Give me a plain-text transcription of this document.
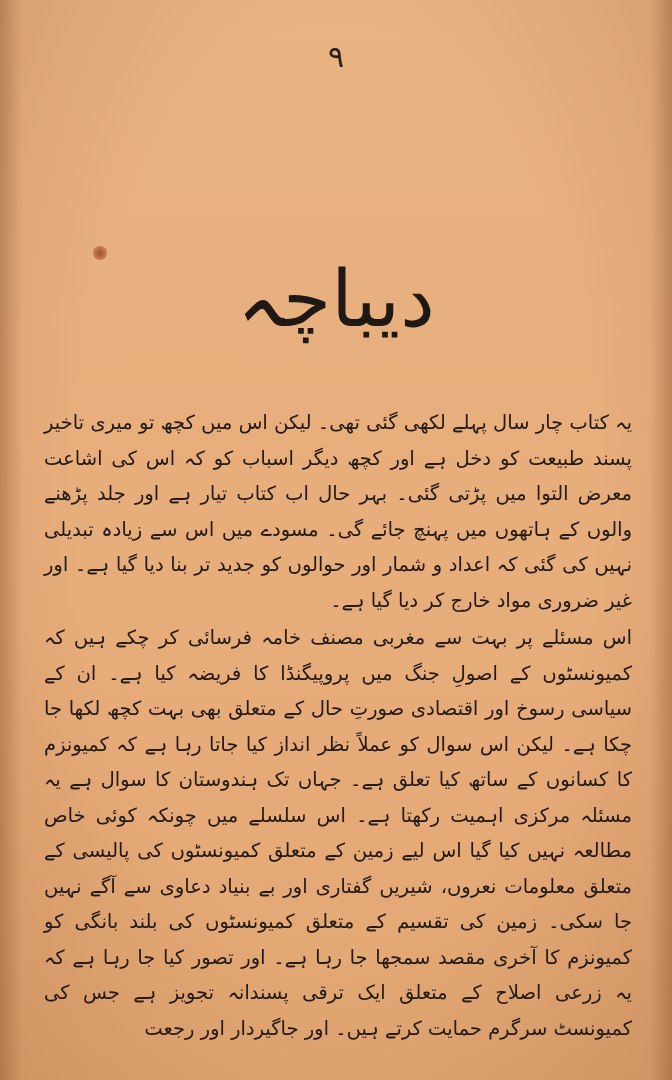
۹
دیباچہ

یہ کتاب چار سال پہلے لکھی گئی تھی۔ لیکن اس میں کچھ تو میری تاخیر پسند طبیعت کو دخل ہے اور کچھ دیگر اسباب کو کہ اس کی اشاعت معرض التوا میں پڑتی گئی۔ بہر حال اب کتاب تیار ہے اور جلد پڑھنے والوں کے ہاتھوں میں پہنچ جائے گی۔ مسودے میں اس سے زیادہ تبدیلی نہیں کی گئی کہ اعداد و شمار اور حوالوں کو جدید تر بنا دیا گیا ہے۔ اور غیر ضروری مواد خارج کر دیا گیا ہے۔

اس مسئلے پر بہت سے مغربی مصنف خامہ فرسائی کر چکے ہیں کہ کمیونسٹوں کے اصولِ جنگ میں پروپیگنڈا کا فریضہ کیا ہے۔ ان کے سیاسی رسوخ اور اقتصادی صورتِ حال کے متعلق بھی بہت کچھ لکھا جا چکا ہے۔ لیکن اس سوال کو عملاً نظر انداز کیا جاتا رہا ہے کہ کمیونزم کا کسانوں کے ساتھ کیا تعلق ہے۔ جہاں تک ہندوستان کا سوال ہے یہ مسئلہ مرکزی اہمیت رکھتا ہے۔ اس سلسلے میں چونکہ کوئی خاص مطالعہ نہیں کیا گیا اس لیے زمین کے متعلق کمیونسٹوں کی پالیسی کے متعلق معلومات نعروں، شیریں گفتاری اور بے بنیاد دعاوی سے آگے نہیں جا سکی۔ زمین کی تقسیم کے متعلق کمیونسٹوں کی بلند بانگی کو کمیونزم کا آخری مقصد سمجھا جا رہا ہے۔ اور تصور کیا جا رہا ہے کہ یہ زرعی اصلاح کے متعلق ایک ترقی پسندانہ تجویز ہے جس کی کمیونسٹ سرگرم حمایت کرتے ہیں۔ اور جاگیردار اور رجعت
